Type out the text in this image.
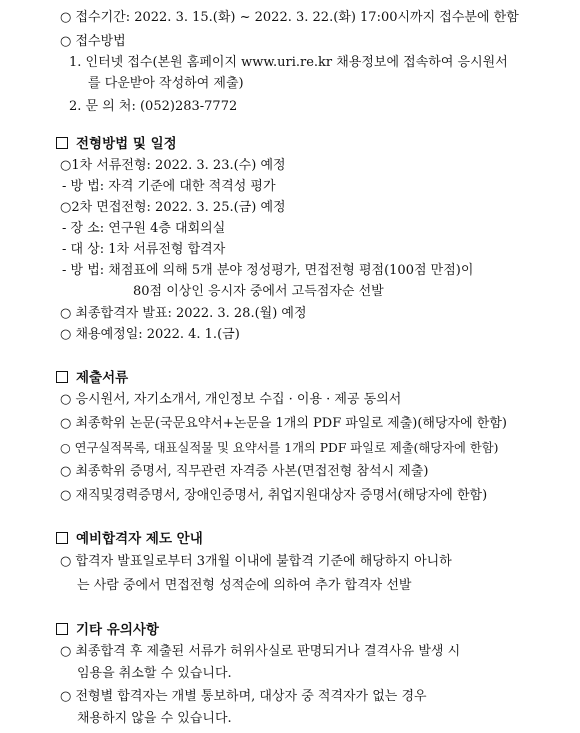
○ 접수기간: 2022. 3. 15.(화) ~ 2022. 3. 22.(화) 17:00시까지 접수분에 한함
○ 접수방법
1. 인터넷 접수(본원 홈페이지 www.uri.re.kr 채용정보에 접속하여 응시원서
를 다운받아 작성하여 제출)
2. 문 의 처: (052)283-7772
전형방법 및 일정
○1차 서류전형: 2022. 3. 23.(수) 예정
- 방 법: 자격 기준에 대한 적격성 평가
○2차 면접전형: 2022. 3. 25.(금) 예정
- 장 소: 연구원 4층 대회의실
- 대 상: 1차 서류전형 합격자
- 방 법: 채점표에 의해 5개 분야 정성평가, 면접전형 평점(100점 만점)이
80점 이상인 응시자 중에서 고득점자순 선발
○ 최종합격자 발표: 2022. 3. 28.(월) 예정
○ 채용예정일: 2022. 4. 1.(금)
제출서류
○ 응시원서, 자기소개서, 개인정보 수집 · 이용 · 제공 동의서
○ 최종학위 논문(국문요약서+논문을 1개의 PDF 파일로 제출)(해당자에 한함)
○ 연구실적목록, 대표실적물 및 요약서를 1개의 PDF 파일로 제출(해당자에 한함)
○ 최종학위 증명서, 직무관련 자격증 사본(면접전형 참석시 제출)
○ 재직및경력증명서, 장애인증명서, 취업지원대상자 증명서(해당자에 한함)
예비합격자 제도 안내
○ 합격자 발표일로부터 3개월 이내에 불합격 기준에 해당하지 아니하
는 사람 중에서 면접전형 성적순에 의하여 추가 합격자 선발
기타 유의사항
○ 최종합격 후 제출된 서류가 허위사실로 판명되거나 결격사유 발생 시
임용을 취소할 수 있습니다.
○ 전형별 합격자는 개별 통보하며, 대상자 중 적격자가 없는 경우
채용하지 않을 수 있습니다.
